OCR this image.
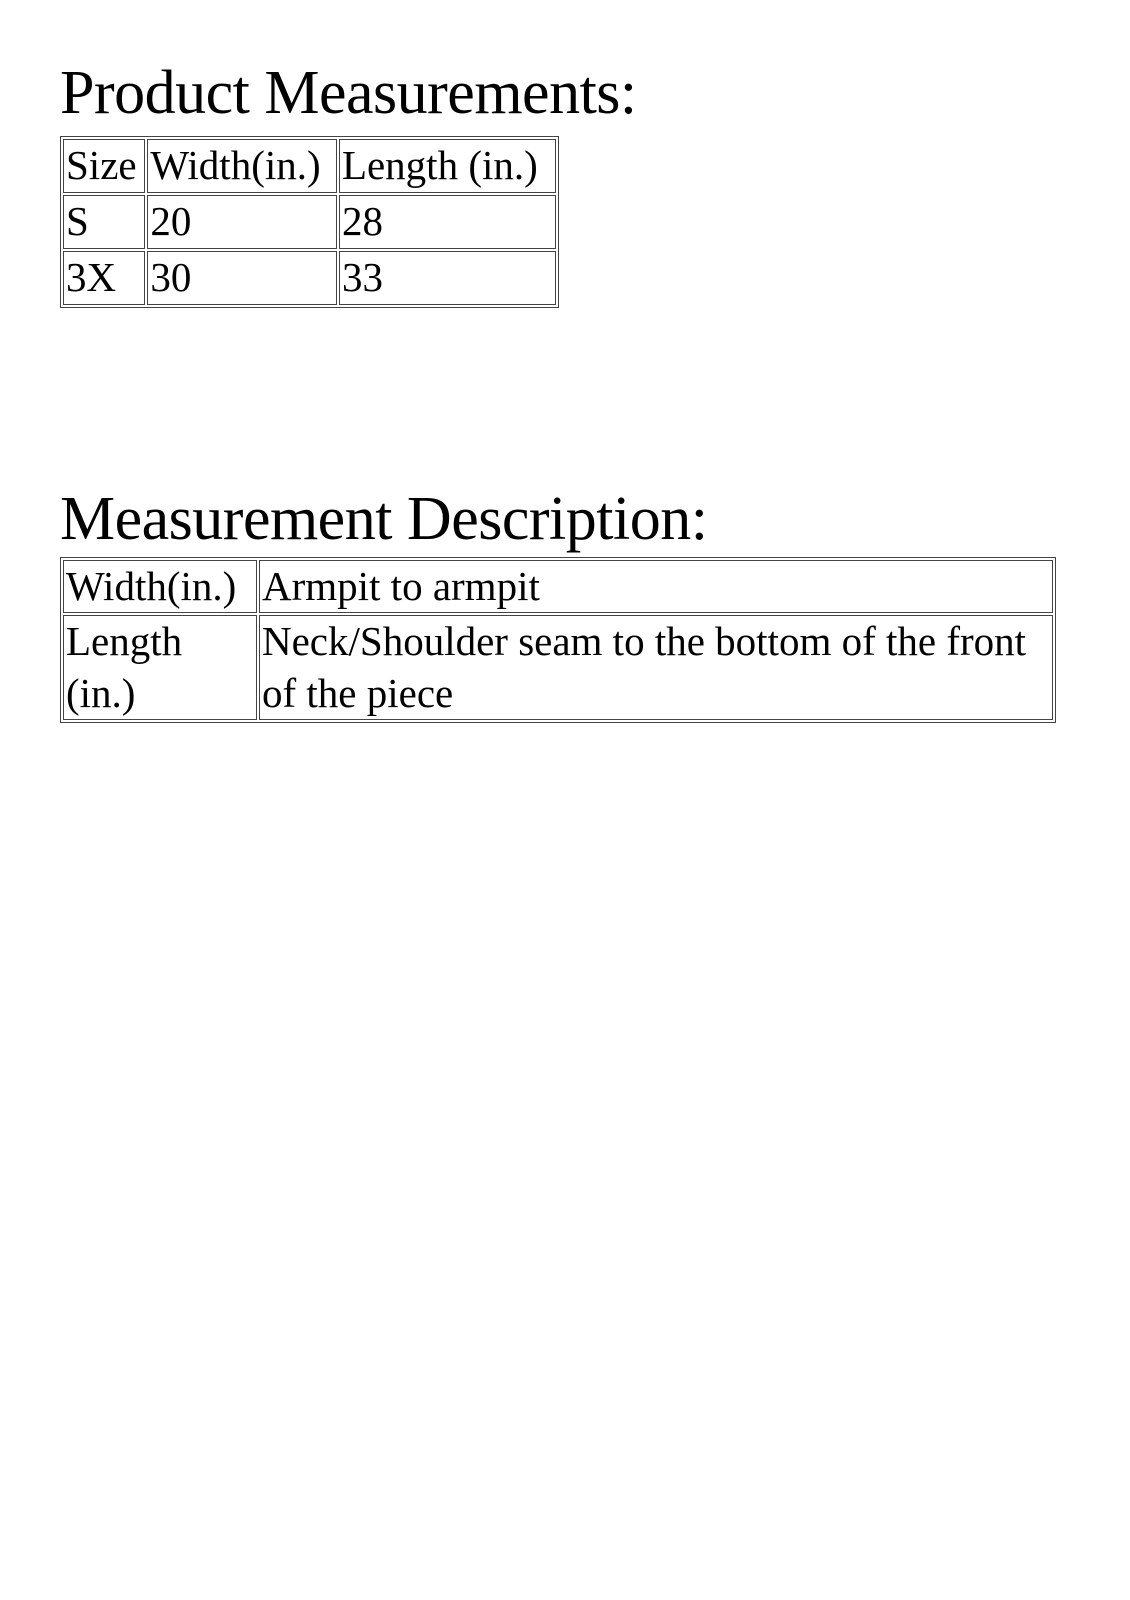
Product Measurements:
Size	Width(in.)	Length (in.)
S	20	28
3X	30	33
Measurement Description:
Width(in.)	Armpit to armpit
Length (in.)	Neck/Shoulder seam to the bottom of the front of the piece
